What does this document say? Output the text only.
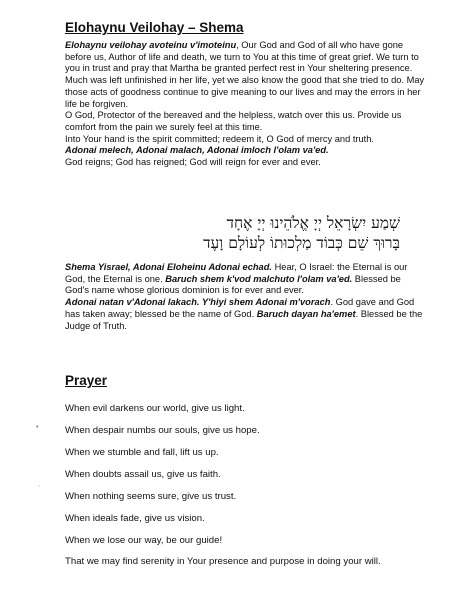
Elohaynu Veilohay – Shema

Elohaynu veilohay avoteinu v'imoteinu, Our God and God of all who have gone before us, Author of life and death, we turn to You at this time of great grief. We turn to you in trust and pray that Martha be granted perfect rest in Your sheltering presence.

Much was left unfinished in her life, yet we also know the good that she tried to do. May those acts of goodness continue to give meaning to our lives and may the errors in her life be forgiven.

O God, Protector of the bereaved and the helpless, watch over this us. Provide us comfort from the pain we surely feel at this time.

Into Your hand is the spirit committed; redeem it, O God of mercy and truth.

Adonai melech, Adonai malach, Adonai imloch l'olam va'ed.

God reigns; God has reigned; God will reign for ever and ever.

שְׁמַע יִשְׂרָאֵל יְיָ אֱלֹהֵינוּ יְיָ אֶחָד
בָּרוּךְ שֵׁם כְּבוֹד מַלְכוּתוֹ לְעוֹלָם וָעֶד

Shema Yisrael, Adonai Eloheinu Adonai echad. Hear, O Israel: the Eternal is our God, the Eternal is one. Baruch shem k'vod malchuto l'olam va'ed. Blessed be God's name whose glorious dominion is for ever and ever.

Adonai natan v'Adonai lakach. Y'hiyi shem Adonai m'vorach. God gave and God has taken away; blessed be the name of God. Baruch dayan ha'emet. Blessed be the Judge of Truth.

Prayer

When evil darkens our world, give us light.

When despair numbs our souls, give us hope.

When we stumble and fall, lift us up.

When doubts assail us, give us faith.

When nothing seems sure, give us trust.

When ideals fade, give us vision.

When we lose our way, be our guide!

That we may find serenity in Your presence and purpose in doing your will.

•
·
